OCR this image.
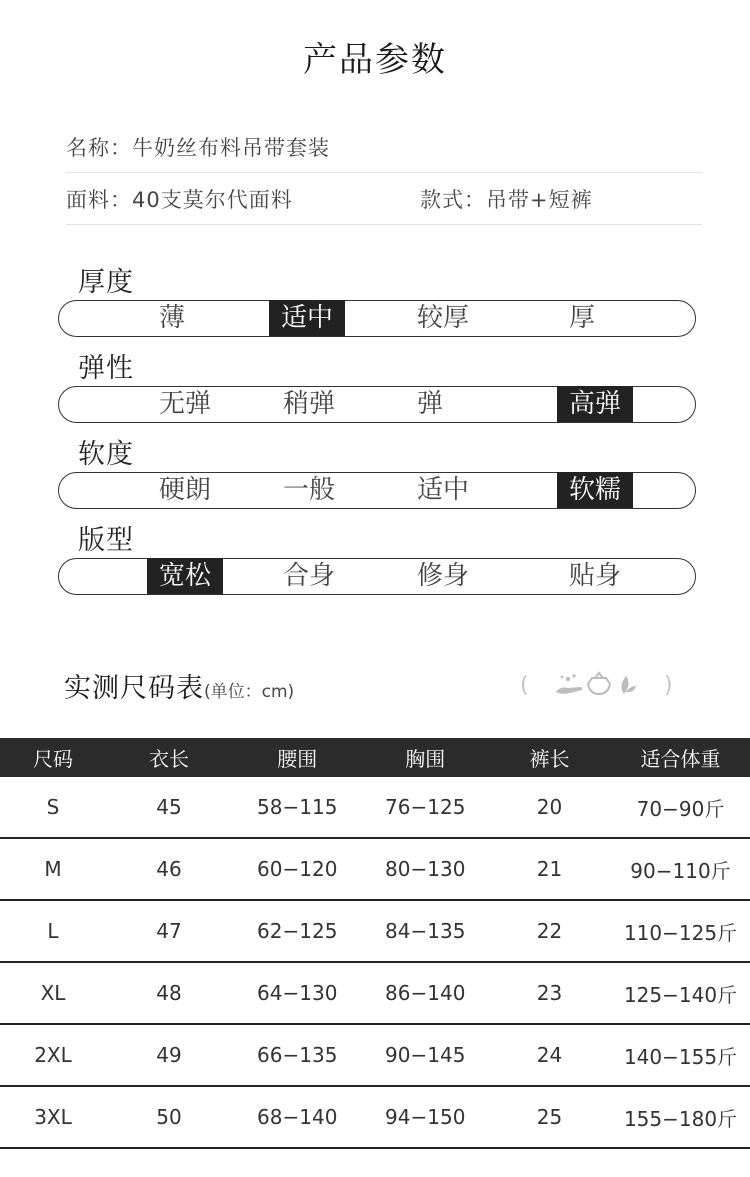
产品参数
名称：牛奶丝布料吊带套装
面料：40支莫尔代面料	款式：吊带+短裤
厚度
薄	适中	较厚	厚
弹性
无弹	稍弹	弹	高弹
软度
硬朗	一般	适中	软糯
版型
宽松	合身	修身	贴身
实测尺码表(单位：cm)	(	)
尺码	衣长	腰围	胸围	裤长	适合体重
S	45	58−115	76−125	20	70−90斤
M	46	60−120	80−130	21	90−110斤
L	47	62−125	84−135	22	110−125斤
XL	48	64−130	86−140	23	125−140斤
2XL	49	66−135	90−145	24	140−155斤
3XL	50	68−140	94−150	25	155−180斤
